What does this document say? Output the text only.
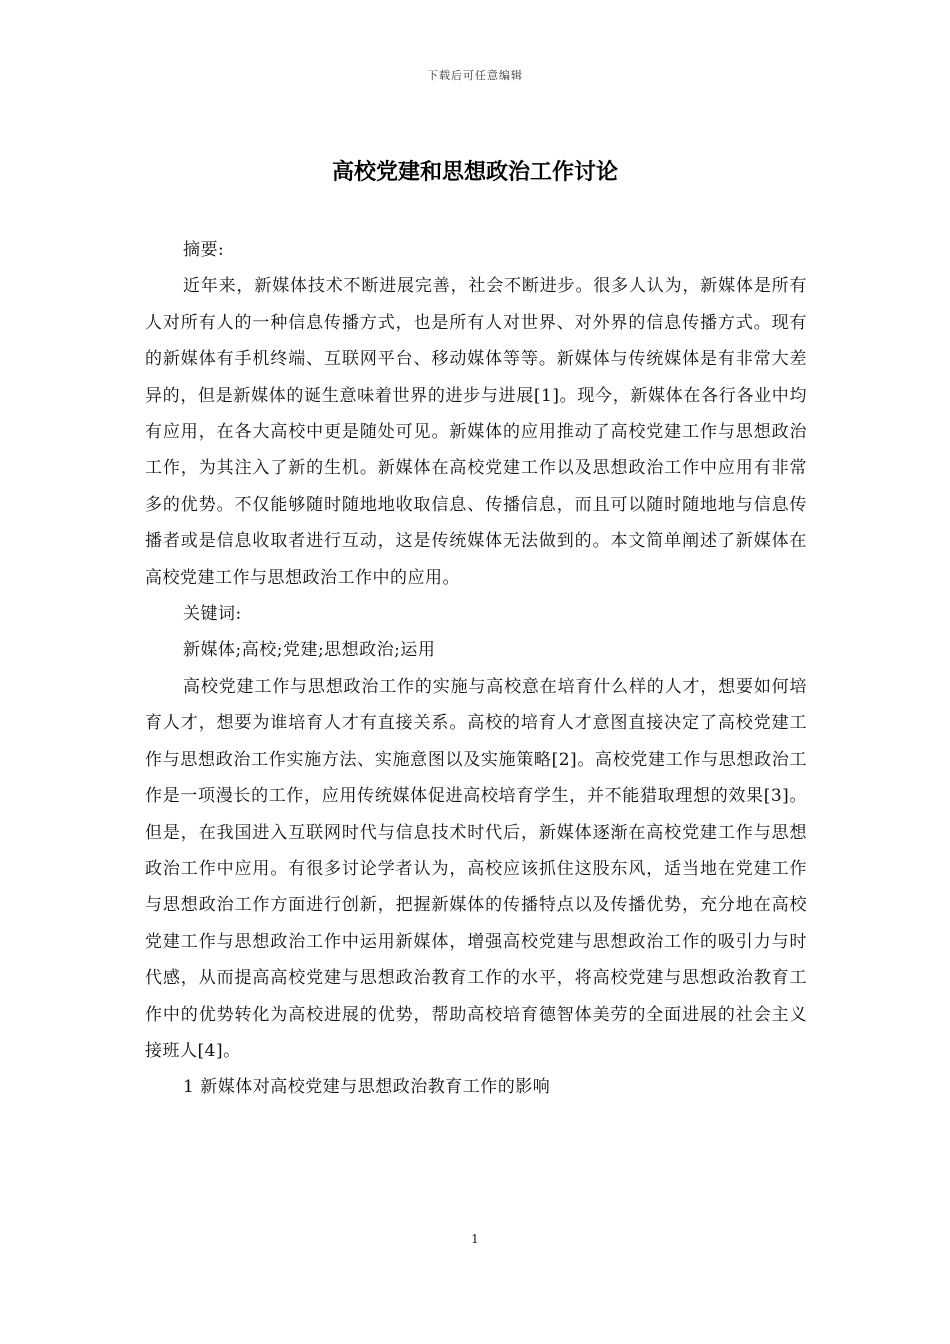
下载后可任意编辑
高校党建和思想政治工作讨论

摘要:

近年来，新媒体技术不断进展完善，社会不断进步。很多人认为，新媒体是所有人对所有人的一种信息传播方式，也是所有人对世界、对外界的信息传播方式。现有的新媒体有手机终端、互联网平台、移动媒体等等。新媒体与传统媒体是有非常大差异的，但是新媒体的诞生意味着世界的进步与进展[1]。现今，新媒体在各行各业中均有应用，在各大高校中更是随处可见。新媒体的应用推动了高校党建工作与思想政治工作，为其注入了新的生机。新媒体在高校党建工作以及思想政治工作中应用有非常多的优势。不仅能够随时随地地收取信息、传播信息，而且可以随时随地地与信息传播者或是信息收取者进行互动，这是传统媒体无法做到的。本文简单阐述了新媒体在高校党建工作与思想政治工作中的应用。

关键词:

新媒体;高校;党建;思想政治;运用

高校党建工作与思想政治工作的实施与高校意在培育什么样的人才，想要如何培育人才，想要为谁培育人才有直接关系。高校的培育人才意图直接决定了高校党建工作与思想政治工作实施方法、实施意图以及实施策略[2]。高校党建工作与思想政治工作是一项漫长的工作，应用传统媒体促进高校培育学生，并不能猎取理想的效果[3]。但是，在我国进入互联网时代与信息技术时代后，新媒体逐渐在高校党建工作与思想政治工作中应用。有很多讨论学者认为，高校应该抓住这股东风，适当地在党建工作与思想政治工作方面进行创新，把握新媒体的传播特点以及传播优势，充分地在高校党建工作与思想政治工作中运用新媒体，增强高校党建与思想政治工作的吸引力与时代感，从而提高高校党建与思想政治教育工作的水平，将高校党建与思想政治教育工作中的优势转化为高校进展的优势，帮助高校培育德智体美劳的全面进展的社会主义接班人[4]。

1 新媒体对高校党建与思想政治教育工作的影响

1
